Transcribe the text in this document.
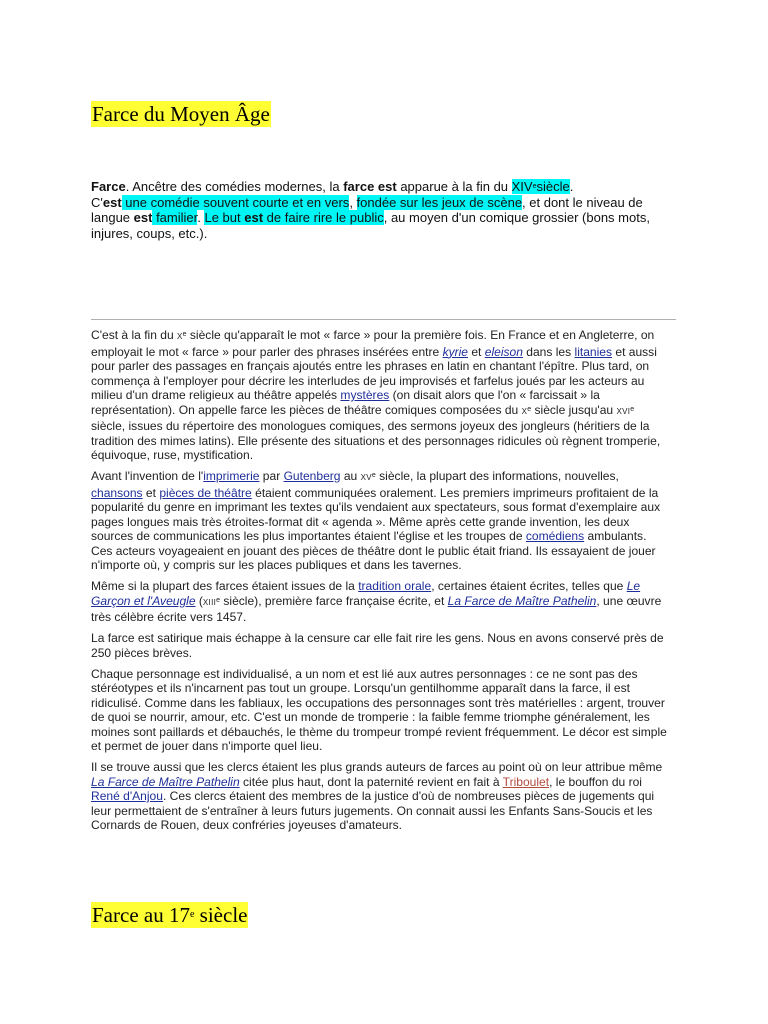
Farce du Moyen Âge
Farce. Ancêtre des comédies modernes, la farce est apparue à la fin du XIVesiècle.
C'est une comédie souvent courte et en vers, fondée sur les jeux de scène, et dont le niveau de langue est familier. Le but est de faire rire le public, au moyen d'un comique grossier (bons mots, injures, coups, etc.).

C'est à la fin du Xe siècle qu'apparaît le mot « farce » pour la première fois. En France et en Angleterre, on employait le mot « farce » pour parler des phrases insérées entre kyrie et eleison dans les litanies et aussi pour parler des passages en français ajoutés entre les phrases en latin en chantant l'épître. Plus tard, on commença à l'employer pour décrire les interludes de jeu improvisés et farfelus joués par les acteurs au milieu d'un drame religieux au théâtre appelés mystères (on disait alors que l'on « farcissait » la représentation). On appelle farce les pièces de théâtre comiques composées du Xe siècle jusqu'au XVIe siècle, issues du répertoire des monologues comiques, des sermons joyeux des jongleurs (héritiers de la tradition des mimes latins). Elle présente des situations et des personnages ridicules où règnent tromperie, équivoque, ruse, mystification.

Avant l'invention de l'imprimerie par Gutenberg au XVe siècle, la plupart des informations, nouvelles, chansons et pièces de théâtre étaient communiquées oralement. Les premiers imprimeurs profitaient de la popularité du genre en imprimant les textes qu'ils vendaient aux spectateurs, sous format d'exemplaire aux pages longues mais très étroites-format dit « agenda ». Même après cette grande invention, les deux sources de communications les plus importantes étaient l'église et les troupes de comédiens ambulants. Ces acteurs voyageaient en jouant des pièces de théâtre dont le public était friand. Ils essayaient de jouer n'importe où, y compris sur les places publiques et dans les tavernes.

Même si la plupart des farces étaient issues de la tradition orale, certaines étaient écrites, telles que Le Garçon et l'Aveugle (XIIIe siècle), première farce française écrite, et La Farce de Maître Pathelin, une œuvre très célèbre écrite vers 1457.

La farce est satirique mais échappe à la censure car elle fait rire les gens. Nous en avons conservé près de 250 pièces brèves.

Chaque personnage est individualisé, a un nom et est lié aux autres personnages : ce ne sont pas des stéréotypes et ils n'incarnent pas tout un groupe. Lorsqu'un gentilhomme apparaît dans la farce, il est ridiculisé. Comme dans les fabliaux, les occupations des personnages sont très matérielles : argent, trouver de quoi se nourrir, amour, etc. C'est un monde de tromperie : la faible femme triomphe généralement, les moines sont paillards et débauchés, le thème du trompeur trompé revient fréquemment. Le décor est simple et permet de jouer dans n'importe quel lieu.

Il se trouve aussi que les clercs étaient les plus grands auteurs de farces au point où on leur attribue même La Farce de Maître Pathelin citée plus haut, dont la paternité revient en fait à Triboulet, le bouffon du roi René d'Anjou. Ces clercs étaient des membres de la justice d'où de nombreuses pièces de jugements qui leur permettaient de s'entraîner à leurs futurs jugements. On connait aussi les Enfants Sans-Soucis et les Cornards de Rouen, deux confréries joyeuses d'amateurs.

Farce au 17e siècle
